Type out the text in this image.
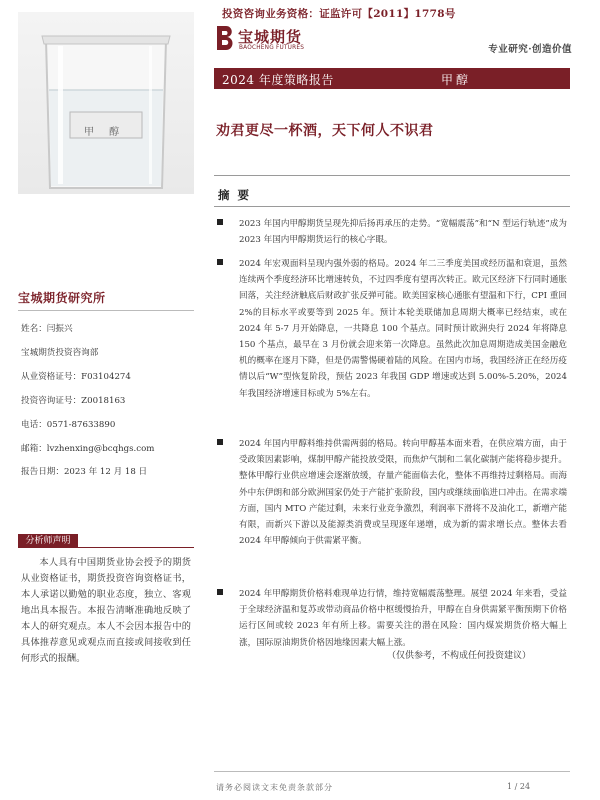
投资咨询业务资格：证监许可【2011】1778号
甲 醇
宝城期货
BAOCHENG FUTURES	专业研究·创造价值
2024 年度策略报告	甲醇
劝君更尽一杯酒，天下何人不识君
摘 要
2023 年国内甲醇期货呈现先抑后扬再承压的走势。“宽幅震荡”和“N 型运行轨迹”成为 2023 年国内甲醇期货运行的核心字眼。
2024 年宏观面料呈现内强外弱的格局。2024 年二三季度美国或经历温和衰退，虽然连续两个季度经济环比增速转负，不过四季度有望再次转正。欧元区经济下行同时通胀回落，关注经济触底后财政扩张反弹可能。欧美国家核心通胀有望温和下行，CPI 重回 2%的目标水平或要等到 2025 年。预计本轮美联储加息周期大概率已经结束，或在 2024 年 5-7 月开始降息，一共降息 100 个基点。同时预计欧洲央行 2024 年将降息 150 个基点，最早在 3 月份就会迎来第一次降息。虽然此次加息周期造成美国金融危机的概率在逐月下降，但是仍需警惕硬着陆的风险。在国内市场，我国经济正在经历疫情以后“W”型恢复阶段，预估 2023 年我国 GDP 增速或达到 5.00%-5.20%，2024 年我国经济增速目标或为 5%左右。
2024 年国内甲醇料维持供需两弱的格局。转向甲醇基本面来看，在供应端方面，由于受政策因素影响，煤制甲醇产能投放受限，而焦炉气制和二氧化碳制产能将稳步提升。整体甲醇行业供应增速会逐渐放缓，存量产能面临去化，整体不再维持过剩格局。而海外中东伊朗和部分欧洲国家仍处于产能扩张阶段，国内或继续面临进口冲击。在需求端方面，国内 MTO 产能过剩，未来行业竞争激烈，利润率下滑将不及油化工，新增产能有限，而新兴下游以及能源类消费或呈现逐年递增，成为新的需求增长点。整体去看 2024 年甲醇倾向于供需紧平衡。
2024 年甲醇期货价格料难现单边行情，维持宽幅震荡整理。展望 2024 年来看，受益于全球经济温和复苏或带动商品价格中枢缓慢抬升，甲醇在自身供需紧平衡预期下价格运行区间或较 2023 年有所上移。需要关注的潜在风险：国内煤炭期货价格大幅上涨，国际原油期货价格因地缘因素大幅上涨。
（仅供参考，不构成任何投资建议）
宝城期货研究所
姓名：闫振兴
宝城期货投资咨询部
从业资格证号：F03104274
投资咨询证号：Z0018163
电话：0571-87633890
邮箱：lvzhenxing@bcqhgs.com
报告日期：2023 年 12 月 18 日
分析师声明
本人具有中国期货业协会授予的期货从业资格证书，期货投资咨询资格证书，本人承诺以勤勉的职业态度，独立、客观地出具本报告。本报告清晰准确地反映了本人的研究观点。本人不会因本报告中的具体推荐意见或观点而直接或间接收到任何形式的报酬。
请务必阅读文末免责条款部分	1 / 24
